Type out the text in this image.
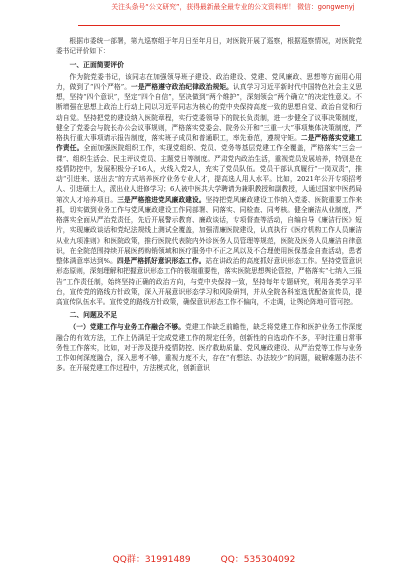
关注头条号“公文研究”，获得最新最全最专业的公文资料库！ 微信：gongwenyj

根据市委统一部署，第九巡察组于年月日至年月日，对医院开展了巡察，根据巡察情况，对医院党委书记评价如下：

一、正面简要评价

作为院党委书记，该同志在加强领导班子建设、政治建设、党建、党风廉政、思想等方面用心用力，做到了“四个严格”。一是严格遵守政治纪律政治规矩。认真学习习近平新时代中国特色社会主义思想，坚持“四个意识”，坚定“四个自信”，坚决做到“两个维护”，深刻领会“两个确立”的决定性意义。不断增强在思想上政治上行动上同以习近平同志为核心的党中央保持高度一致的思想自觉、政治自觉和行动自觉。坚持把党的建设纳入医院章程，实行党委领导下的院长负责制，进一步健全了议事决策制度，健全了党委会与院长办公会议事规则，严格落实党委会、院务公开和“三重一大”事项集体决策制度，严格执行重大事项请示报告制度，落实班子成员和普通职工，率先垂范，遵规守矩。二是严格落实党建工作责任。全面加强医院组织工作，实现党组织、党员、党务等基层党建工作全覆盖，严格落实“三会一课”、组织生活会、民主评议党员、主题党日等制度。严肃党内政治生活，重视党员发展培养，特别是在疫情防控中，发展积极分子16人，火线入党2人，充实了党员队伍。党员干部认真履行“一岗双责”，推动“引进来、送出去”的方式培养医疗业务专业人才，提高选人用人水平。比如，2021年公开专项招考人、引进硕士人，派出业人进修学习；6人被中医共大学聘请为兼职教授和副教授，人通过国家中医药局第次人才培养项目。三是严格推进党风廉政建设。坚持把党风廉政建设工作纳入党委、医院重要工作来抓，切实做到业务工作与党风廉政建设工作同部署、同落实、同检查、同考核。健全廉洁从业制度，严格落实全面从严治党责任，先后开展警示教育、廉政谈话，专项督查等活动，自编自导《廉洁行医》短片，实现廉政谈话和党纪法规线上测试全覆盖，加强清廉医院建设，认真执行《医疗机构工作人员廉洁从业九项准则》和医院政策，推行医院代表院内外诊医务人员管理等规范，医院及医务人员廉洁自律意识，在全院范围持续开展医药购销领域和医疗服务中不正之风以及不合理使用医保基金自查活动，患者整体满意率达到%。四是严格抓好意识形态工作。站在讲政治的高度抓好意识形态工作。坚持党管意识形态原则，深刻理解和把握意识形态工作的极端重要性，落实医院思想舆论管控，严格落实“七纳入三报告”工作责任制，始终坚持正确的政治方向，与党中央保持一致，坚持每年专题研究，利用各类学习平台，宣传党的路线方针政策，深入开展意识形态学习和风险研判，并从全院各科室选优配备宣传员，提高宣传队伍水平。宣传党的路线方针政策，确保意识形态工作不偏向，不走调，让舆论阵地可管可控。

二、问题及不足

（一）党建工作与业务工作融合不够。党建工作缺乏前瞻性，缺乏将党建工作和医护业务工作深度融合的有效方法，工作上仍满足于完成党建工作的规定任务，创新性的自选动作不多，平时注重日常事务性工作落实，比如，对于涉及提升疫情防控、医疗救助质量、党风廉政建设、从严治党等工作与业务工作如何深度融合，深入思考不够，重视力度不大，存在“有想法、办法较少”的问题，破解难题办法不多。在开展党建工作过程中，方法模式化，创新意识

QQ群：31991489	QQ：535304092
